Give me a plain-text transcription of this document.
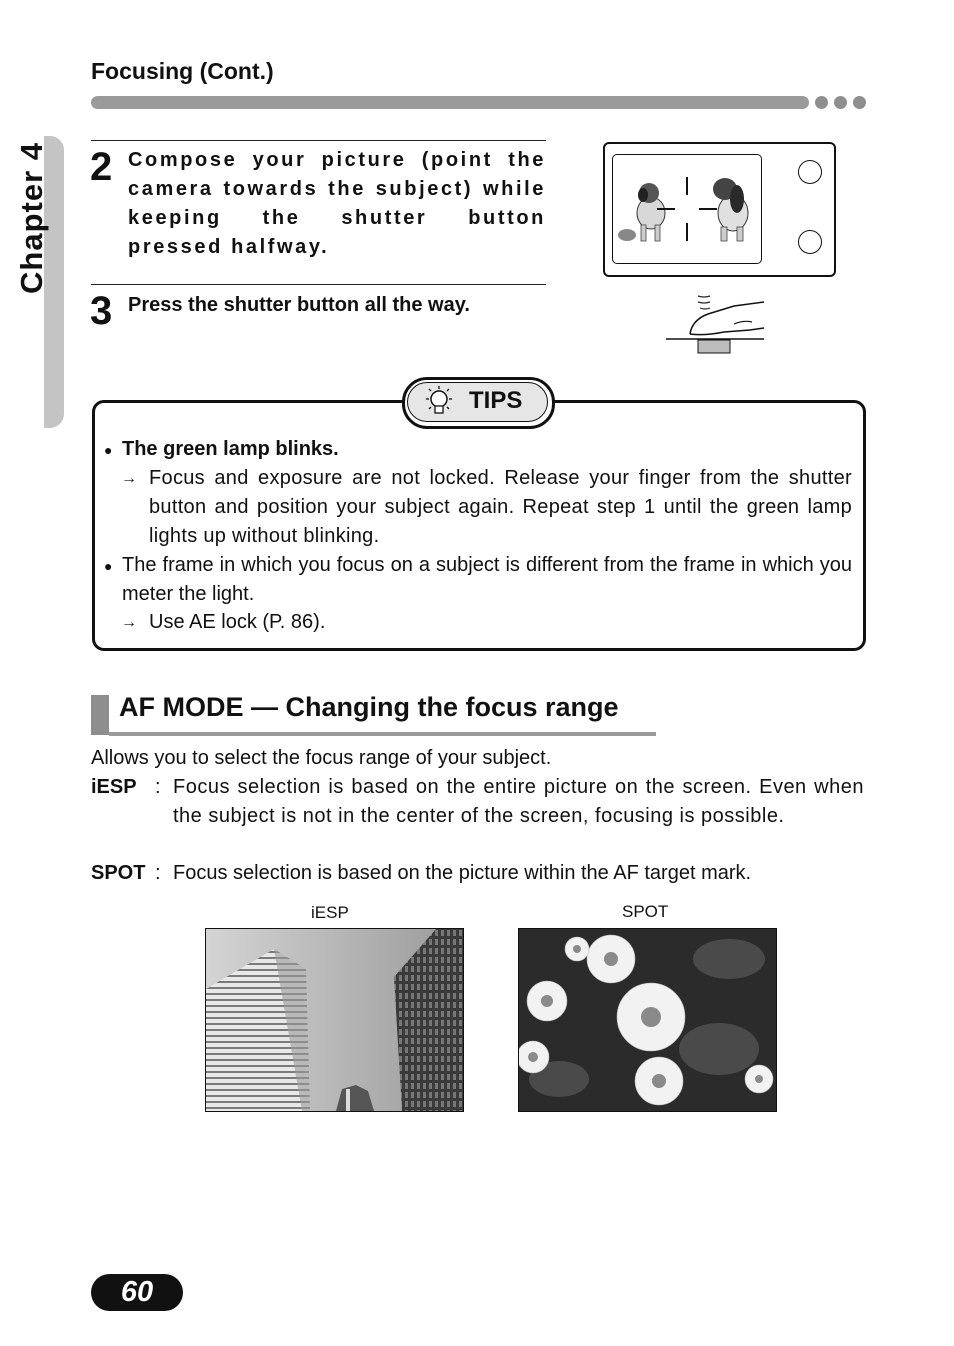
Focusing (Cont.)
Chapter 4 2 Compose your picture (point the camera towards the subject) while keeping the shutter button pressed halfway.
3 Press the shutter button all the way.
TIPS
● The green lamp blinks.
→ Focus and exposure are not locked. Release your finger from the shutter button and position your subject again. Repeat step 1 until the green lamp lights up without blinking.
● The frame in which you focus on a subject is different from the frame in which you meter the light.
→ Use AE lock (P. 86).
AF MODE — Changing the focus range
Allows you to select the focus range of your subject.
iESP : Focus selection is based on the entire picture on the screen. Even when the subject is not in the center of the screen, focusing is possible.
SPOT : Focus selection is based on the picture within the AF target mark.
iESP	SPOT
60
